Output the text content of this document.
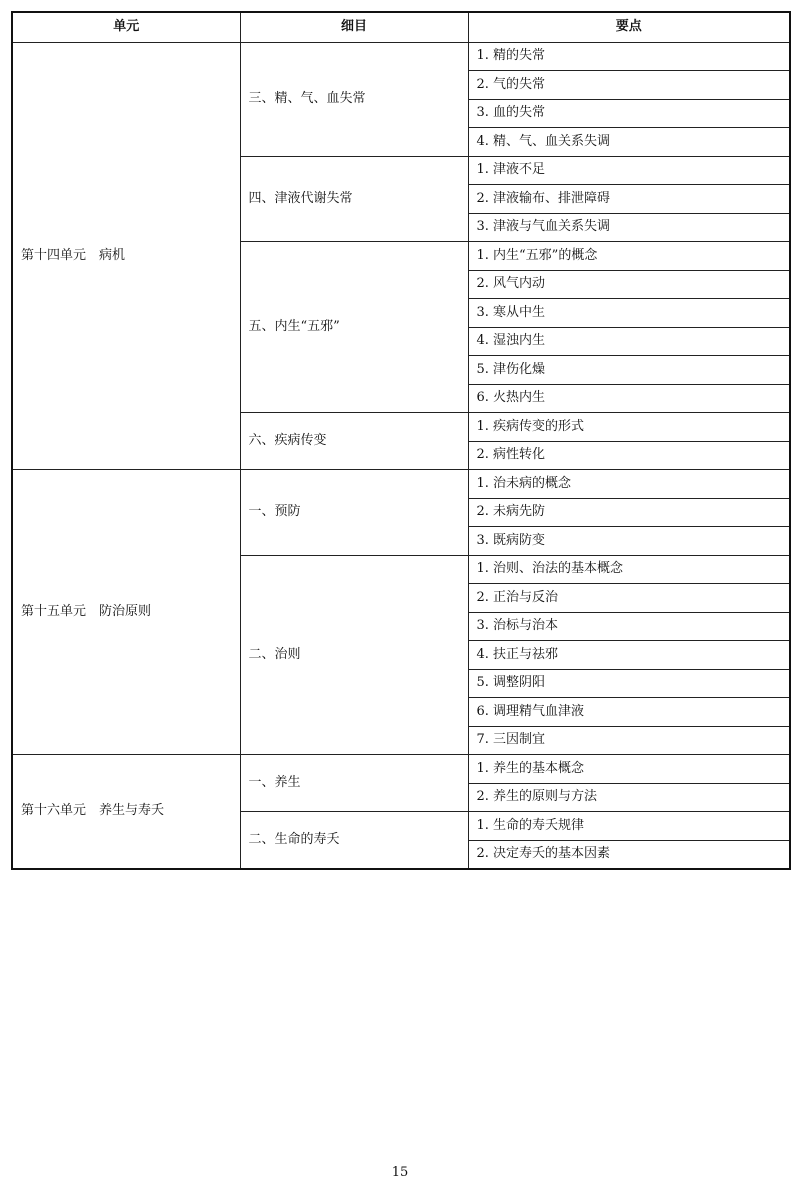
单元	细目	要点
第十四单元　病机	三、精、气、血失常	1. 精的失常
		2. 气的失常
		3. 血的失常
		4. 精、气、血关系失调
	四、津液代谢失常	1. 津液不足
		2. 津液输布、排泄障碍
		3. 津液与气血关系失调
	五、内生“五邪”	1. 内生“五邪”的概念
		2. 风气内动
		3. 寒从中生
		4. 湿浊内生
		5. 津伤化燥
		6. 火热内生
	六、疾病传变	1. 疾病传变的形式
		2. 病性转化
第十五单元　防治原则	一、预防	1. 治未病的概念
		2. 未病先防
		3. 既病防变
	二、治则	1. 治则、治法的基本概念
		2. 正治与反治
		3. 治标与治本
		4. 扶正与祛邪
		5. 调整阴阳
		6. 调理精气血津液
		7. 三因制宜
第十六单元　养生与寿夭	一、养生	1. 养生的基本概念
		2. 养生的原则与方法
	二、生命的寿夭	1. 生命的寿夭规律
		2. 决定寿夭的基本因素
15
